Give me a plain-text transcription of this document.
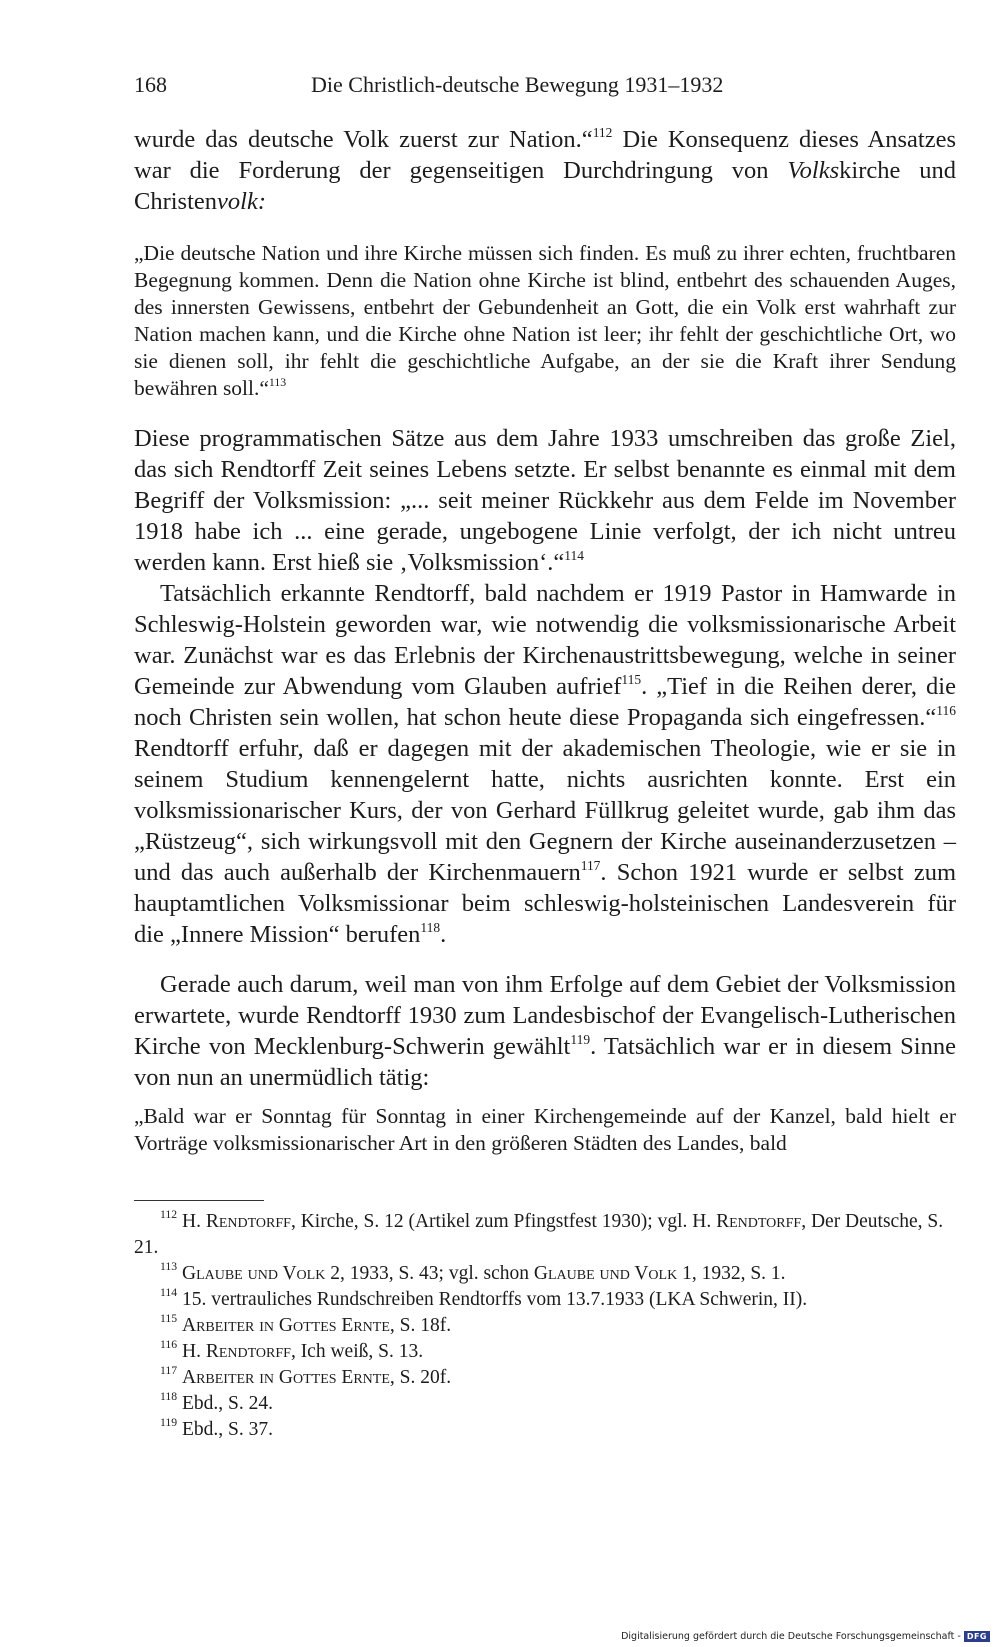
168	Die Christlich-deutsche Bewegung 1931–1932

wurde das deutsche Volk zuerst zur Nation.“$^{112}$ Die Konsequenz dieses Ansatzes war die Forderung der gegenseitigen Durchdringung von Volkskirche und Christenvolk:

„Die deutsche Nation und ihre Kirche müssen sich finden. Es muß zu ihrer echten, fruchtbaren Begegnung kommen. Denn die Nation ohne Kirche ist blind, entbehrt des schauenden Auges, des innersten Gewissens, entbehrt der Gebundenheit an Gott, die ein Volk erst wahrhaft zur Nation machen kann, und die Kirche ohne Nation ist leer; ihr fehlt der geschichtliche Ort, wo sie dienen soll, ihr fehlt die geschichtliche Aufgabe, an der sie die Kraft ihrer Sendung bewähren soll.“$^{113}$

Diese programmatischen Sätze aus dem Jahre 1933 umschreiben das große Ziel, das sich Rendtorff Zeit seines Lebens setzte. Er selbst benannte es einmal mit dem Begriff der Volksmission: „... seit meiner Rückkehr aus dem Felde im November 1918 habe ich ... eine gerade, ungebogene Linie verfolgt, der ich nicht untreu werden kann. Erst hieß sie ‚Volksmission‘.“$^{114}$

Tatsächlich erkannte Rendtorff, bald nachdem er 1919 Pastor in Hamwarde in Schleswig-Holstein geworden war, wie notwendig die volksmissionarische Arbeit war. Zunächst war es das Erlebnis der Kirchenaustrittsbewegung, welche in seiner Gemeinde zur Abwendung vom Glauben aufrief$^{115}$. „Tief in die Reihen derer, die noch Christen sein wollen, hat schon heute diese Propaganda sich eingefressen.“$^{116}$ Rendtorff erfuhr, daß er dagegen mit der akademischen Theologie, wie er sie in seinem Studium kennengelernt hatte, nichts ausrichten konnte. Erst ein volksmissionarischer Kurs, der von Gerhard Füllkrug geleitet wurde, gab ihm das „Rüstzeug“, sich wirkungsvoll mit den Gegnern der Kirche auseinanderzusetzen – und das auch außerhalb der Kirchenmauern$^{117}$. Schon 1921 wurde er selbst zum hauptamtlichen Volksmissionar beim schleswig-holsteinischen Landesverein für die „Innere Mission“ berufen$^{118}$.

Gerade auch darum, weil man von ihm Erfolge auf dem Gebiet der Volksmission erwartete, wurde Rendtorff 1930 zum Landesbischof der Evangelisch-Lutherischen Kirche von Mecklenburg-Schwerin gewählt$^{119}$. Tatsächlich war er in diesem Sinne von nun an unermüdlich tätig:

„Bald war er Sonntag für Sonntag in einer Kirchengemeinde auf der Kanzel, bald hielt er Vorträge volksmissionarischer Art in den größeren Städten des Landes, bald

$^{112}$ H. Rendtorff, Kirche, S. 12 (Artikel zum Pfingstfest 1930); vgl. H. Rendtorff, Der Deutsche, S. 21.

$^{113}$ Glaube und Volk 2, 1933, S. 43; vgl. schon Glaube und Volk 1, 1932, S. 1.

$^{114}$ 15. vertrauliches Rundschreiben Rendtorffs vom 13.7.1933 (LKA Schwerin, II).

$^{115}$ Arbeiter in Gottes Ernte, S. 18f.

$^{116}$ H. Rendtorff, Ich weiß, S. 13.

$^{117}$ Arbeiter in Gottes Ernte, S. 20f.

$^{118}$ Ebd., S. 24.

$^{119}$ Ebd., S. 37.

Digitalisierung gefördert durch die Deutsche Forschungsgemeinschaft - DFG
